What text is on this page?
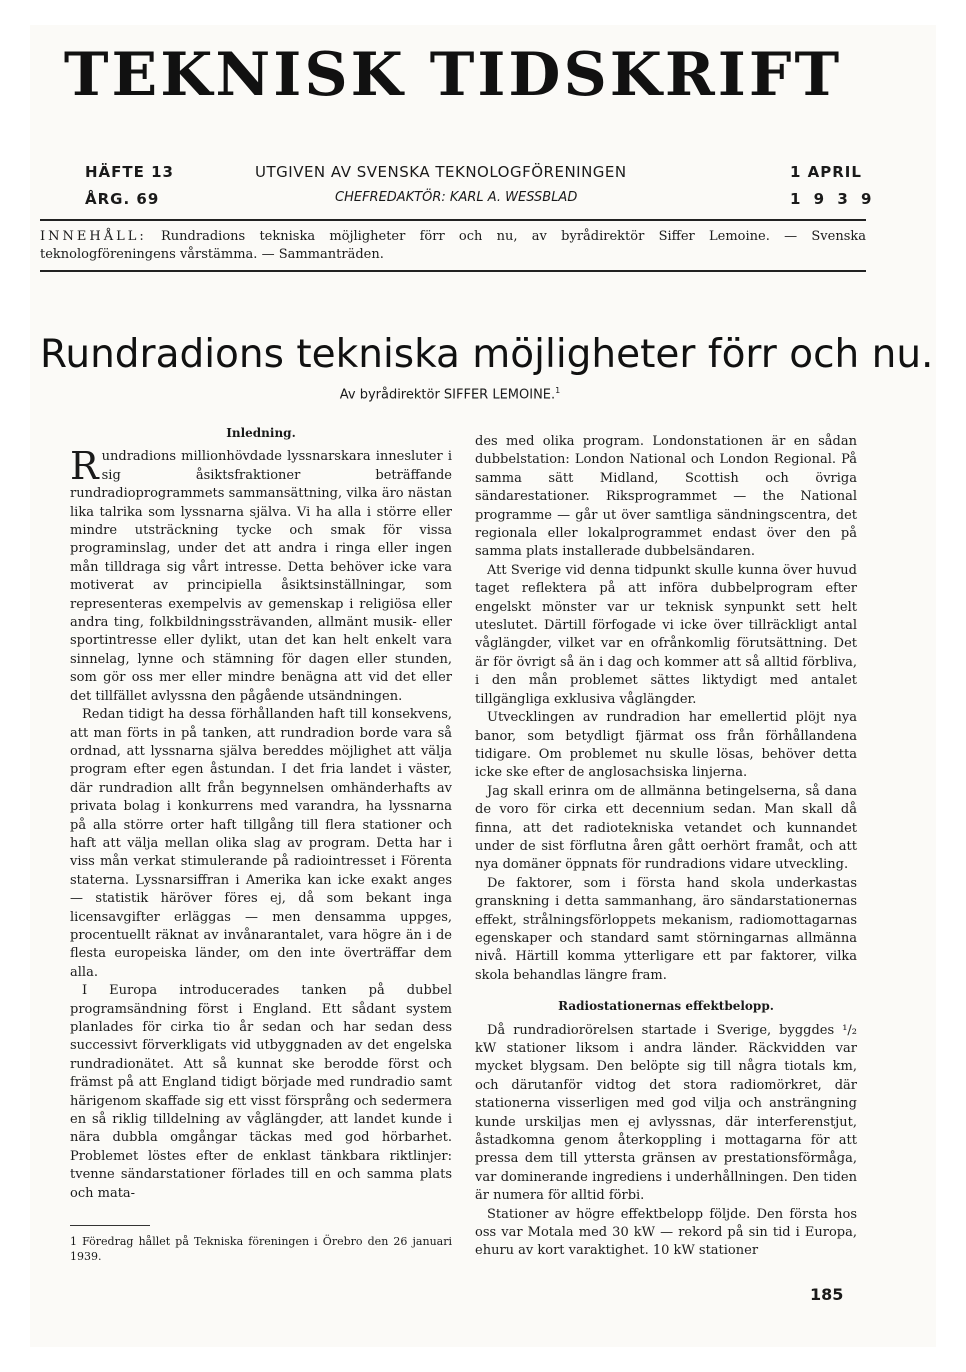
TEKNISK TIDSKRIFT
HÄFTE 13
ÅRG. 69
UTGIVEN AV SVENSKA TEKNOLOGFÖRENINGEN
CHEFREDAKTÖR: KARL A. WESSBLAD
1 APRIL
1 9 3 9
INNEHÅLL: Rundradions tekniska möjligheter förr och nu, av byrådirektör Siffer Lemoine. — Svenska teknologföreningens vårstämma. — Sammanträden.
Rundradions tekniska möjligheter förr och nu.
Av byrådirektör SIFFER LEMOINE.$^1$
Inledning.

Rundradions millionhövdade lyssnarskara innesluter i sig åsiktsfraktioner beträffande rundradioprogrammets sammansättning, vilka äro nästan lika talrika som lyssnarna själva. Vi ha alla i större eller mindre utsträckning tycke och smak för vissa programinslag, under det att andra i ringa eller ingen mån tilldraga sig vårt intresse. Detta behöver icke vara motiverat av principiella åsiktsinställningar, som representeras exempelvis av gemenskap i religiösa eller andra ting, folkbildningssträvanden, allmänt musik- eller sportintresse eller dylikt, utan det kan helt enkelt vara sinnelag, lynne och stämning för dagen eller stunden, som gör oss mer eller mindre benägna att vid det eller det tillfället avlyssna den pågående utsändningen.

Redan tidigt ha dessa förhållanden haft till konsekvens, att man förts in på tanken, att rundradion borde vara så ordnad, att lyssnarna själva bereddes möjlighet att välja program efter egen åstundan. I det fria landet i väster, där rundradion allt från begynnelsen omhänderhafts av privata bolag i konkurrens med varandra, ha lyssnarna på alla större orter haft tillgång till flera stationer och haft att välja mellan olika slag av program. Detta har i viss mån verkat stimulerande på radiointresset i Förenta staterna. Lyssnarsiffran i Amerika kan icke exakt anges — statistik häröver föres ej, då som bekant inga licensavgifter erläggas — men densamma uppges, procentuellt räknat av invånarantalet, vara högre än i de flesta europeiska länder, om den inte överträffar dem alla.

I Europa introducerades tanken på dubbel programsändning först i England. Ett sådant system planlades för cirka tio år sedan och har sedan dess successivt förverkligats vid utbyggnaden av det engelska rundradionätet. Att så kunnat ske berodde först och främst på att England tidigt började med rundradio samt härigenom skaffade sig ett visst försprång och sedermera en så riklig tilldelning av våglängder, att landet kunde i nära dubbla omgångar täckas med god hörbarhet. Problemet löstes efter de enklast tänkbara riktlinjer: tvenne sändarstationer förlades till en och samma plats och mata-

des med olika program. Londonstationen är en sådan dubbelstation: London National och London Regional. På samma sätt Midland, Scottish och övriga sändarestationer. Riksprogrammet — the National programme — går ut över samtliga sändningscentra, det regionala eller lokalprogrammet endast över den på samma plats installerade dubbelsändaren.

Att Sverige vid denna tidpunkt skulle kunna över huvud taget reflektera på att införa dubbelprogram efter engelskt mönster var ur teknisk synpunkt sett helt uteslutet. Därtill förfogade vi icke över tillräckligt antal våglängder, vilket var en ofrånkomlig förutsättning. Det är för övrigt så än i dag och kommer att så alltid förbliva, i den mån problemet sättes liktydigt med antalet tillgängliga exklusiva våglängder.

Utvecklingen av rundradion har emellertid plöjt nya banor, som betydligt fjärmat oss från förhållandena tidigare. Om problemet nu skulle lösas, behöver detta icke ske efter de anglosachsiska linjerna.

Jag skall erinra om de allmänna betingelserna, så dana de voro för cirka ett decennium sedan. Man skall då finna, att det radiotekniska vetandet och kunnandet under de sist förflutna åren gått oerhört framåt, och att nya domäner öppnats för rundradions vidare utveckling.

De faktorer, som i första hand skola underkastas granskning i detta sammanhang, äro sändarstationernas effekt, strålningsförloppets mekanism, radiomottagarnas egenskaper och standard samt störningarnas allmänna nivå. Härtill komma ytterligare ett par faktorer, vilka skola behandlas längre fram.

Radiostationernas effektbelopp.

Då rundradiorörelsen startade i Sverige, byggdes ¹/₂ kW stationer liksom i andra länder. Räckvidden var mycket blygsam. Den belöpte sig till några tiotals km, och därutanför vidtog det stora radiomörkret, där stationerna visserligen med god vilja och ansträngning kunde urskiljas men ej avlyssnas, där interferenstjut, åstadkomna genom återkoppling i mottagarna för att pressa dem till yttersta gränsen av prestationsförmåga, var dominerande ingrediens i underhållningen. Den tiden är numera för alltid förbi.

Stationer av högre effektbelopp följde. Den första hos oss var Motala med 30 kW — rekord på sin tid i Europa, ehuru av kort varaktighet. 10 kW stationer

1 Föredrag hållet på Tekniska föreningen i Örebro den 26 januari 1939.
185
